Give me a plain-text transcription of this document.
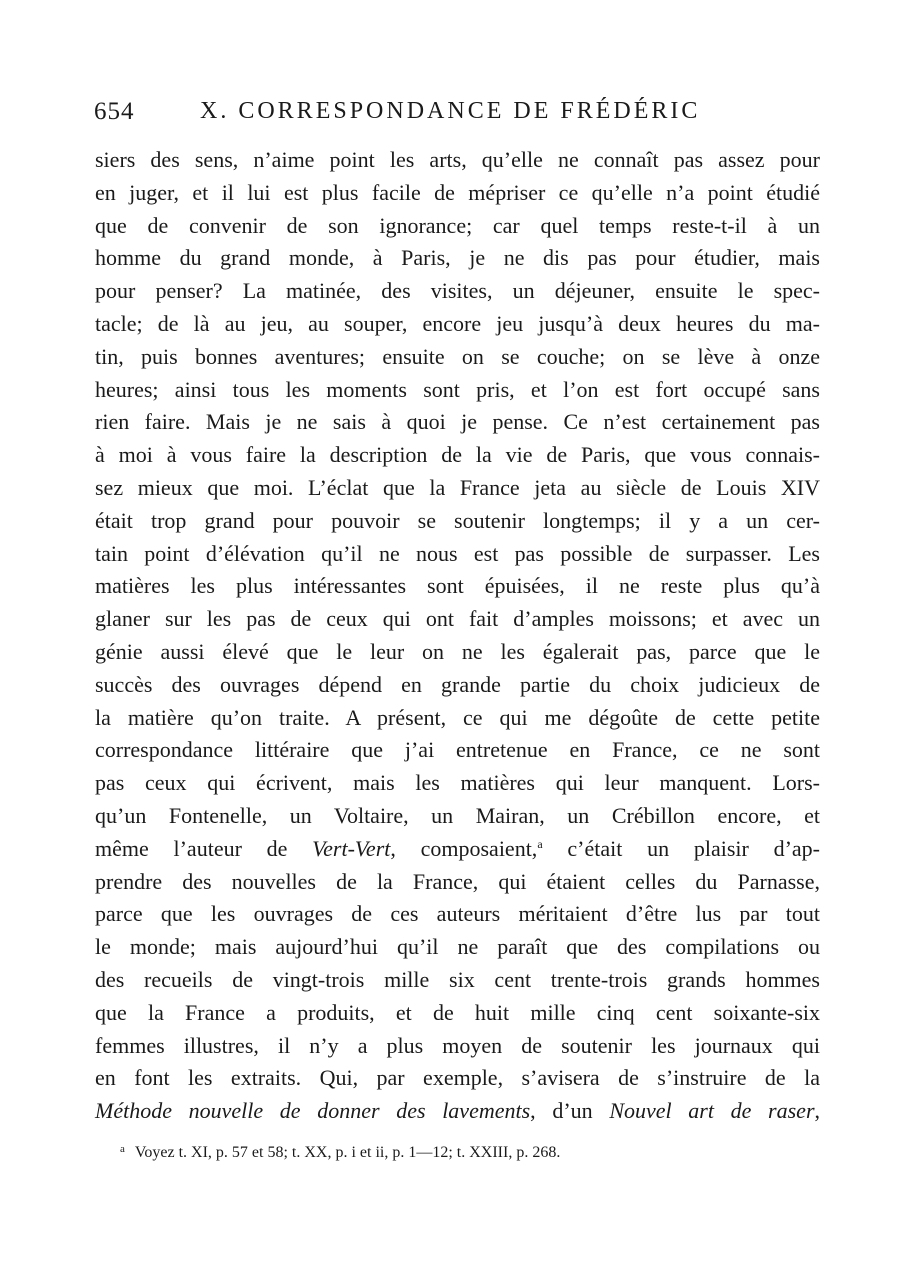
654	X. CORRESPONDANCE DE FRÉDÉRIC
siers des sens, n’aime point les arts, qu’elle ne connaît pas assez pour
en juger, et il lui est plus facile de mépriser ce qu’elle n’a point étudié
que de convenir de son ignorance; car quel temps reste-t-il à un
homme du grand monde, à Paris, je ne dis pas pour étudier, mais
pour penser? La matinée, des visites, un déjeuner, ensuite le spec-
tacle; de là au jeu, au souper, encore jeu jusqu’à deux heures du ma-
tin, puis bonnes aventures; ensuite on se couche; on se lève à onze
heures; ainsi tous les moments sont pris, et l’on est fort occupé sans
rien faire. Mais je ne sais à quoi je pense. Ce n’est certainement pas
à moi à vous faire la description de la vie de Paris, que vous connais-
sez mieux que moi. L’éclat que la France jeta au siècle de Louis XIV
était trop grand pour pouvoir se soutenir longtemps; il y a un cer-
tain point d’élévation qu’il ne nous est pas possible de surpasser. Les
matières les plus intéressantes sont épuisées, il ne reste plus qu’à
glaner sur les pas de ceux qui ont fait d’amples moissons; et avec un
génie aussi élevé que le leur on ne les égalerait pas, parce que le
succès des ouvrages dépend en grande partie du choix judicieux de
la matière qu’on traite. A présent, ce qui me dégoûte de cette petite
correspondance littéraire que j’ai entretenue en France, ce ne sont
pas ceux qui écrivent, mais les matières qui leur manquent. Lors-
qu’un Fontenelle, un Voltaire, un Mairan, un Crébillon encore, et
même l’auteur de Vert-Vert, composaient,$^a$ c’était un plaisir d’ap-
prendre des nouvelles de la France, qui étaient celles du Parnasse,
parce que les ouvrages de ces auteurs méritaient d’être lus par tout
le monde; mais aujourd’hui qu’il ne paraît que des compilations ou
des recueils de vingt-trois mille six cent trente-trois grands hommes
que la France a produits, et de huit mille cinq cent soixante-six
femmes illustres, il n’y a plus moyen de soutenir les journaux qui
en font les extraits. Qui, par exemple, s’avisera de s’instruire de la
Méthode nouvelle de donner des lavements, d’un Nouvel art de raser,
$^a$ Voyez t. XI, p. 57 et 58; t. XX, p. i et ii, p. 1—12; t. XXIII, p. 268.
